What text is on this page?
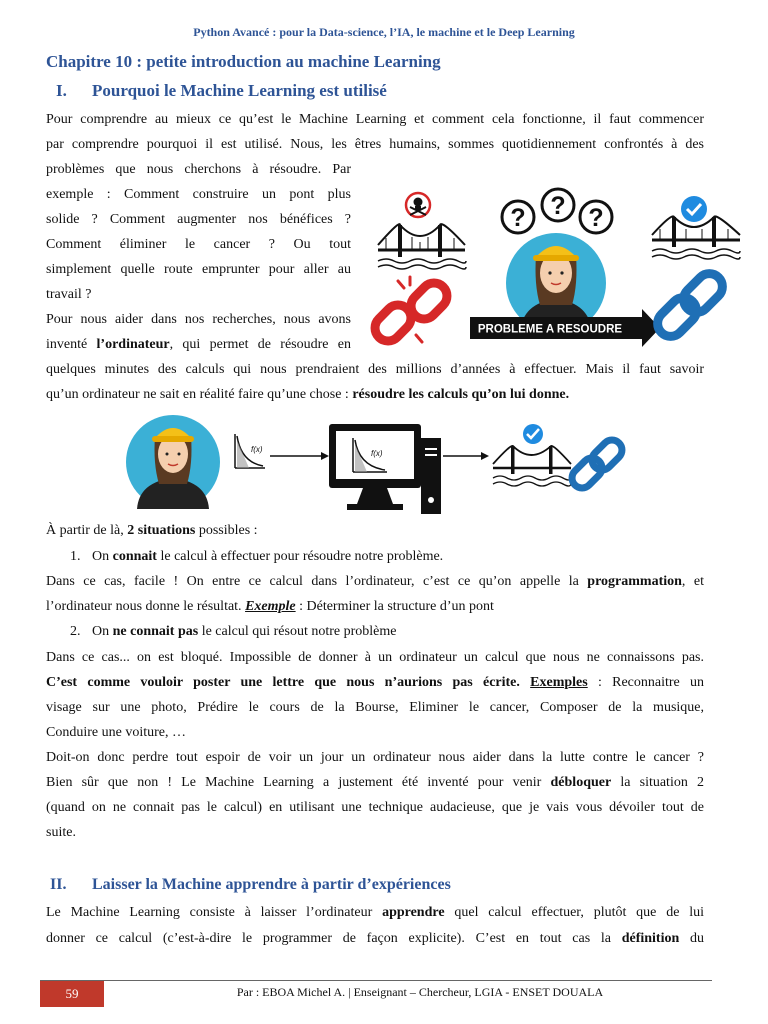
Python Avancé : pour la Data-science, l’IA, le machine et le Deep Learning
Chapitre 10 : petite introduction au machine Learning
I. Pourquoi le Machine Learning est utilisé
Pour comprendre au mieux ce qu’est le Machine Learning et comment cela fonctionne, il faut commencer
par comprendre pourquoi il est utilisé. Nous, les êtres humains, sommes quotidiennement confrontés à des
problèmes que nous cherchons à résoudre. Par
exemple : Comment construire un pont plus
solide ? Comment augmenter nos bénéfices ?
Comment éliminer le cancer ? Ou tout
simplement quelle route emprunter pour aller au
travail ?
Pour nous aider dans nos recherches, nous avons
inventé l’ordinateur, qui permet de résoudre en
quelques minutes des calculs qui nous prendraient des millions d’années à effectuer. Mais il faut savoir
qu’un ordinateur ne sait en réalité faire qu’une chose : résoudre les calculs qu’on lui donne.
? ? ?
PROBLEME A RESOUDRE
f(x)	f(x)
À partir de là, 2 situations possibles :
1. On connait le calcul à effectuer pour résoudre notre problème.
Dans ce cas, facile ! On entre ce calcul dans l’ordinateur, c’est ce qu’on appelle la programmation, et
l’ordinateur nous donne le résultat. Exemple : Déterminer la structure d’un pont
2. On ne connait pas le calcul qui résout notre problème
Dans ce cas... on est bloqué. Impossible de donner à un ordinateur un calcul que nous ne connaissons pas.
C’est comme vouloir poster une lettre que nous n’aurions pas écrite. Exemples : Reconnaitre un
visage sur une photo, Prédire le cours de la Bourse, Eliminer le cancer, Composer de la musique,
Conduire une voiture, …
Doit-on donc perdre tout espoir de voir un jour un ordinateur nous aider dans la lutte contre le cancer ?
Bien sûr que non ! Le Machine Learning a justement été inventé pour venir débloquer la situation 2
(quand on ne connait pas le calcul) en utilisant une technique audacieuse, que je vais vous dévoiler tout de
suite.
II. Laisser la Machine apprendre à partir d’expériences
Le Machine Learning consiste à laisser l’ordinateur apprendre quel calcul effectuer, plutôt que de lui
donner ce calcul (c’est-à-dire le programmer de façon explicite). C’est en tout cas la définition du
59	Par : EBOA Michel A. | Enseignant – Chercheur, LGIA - ENSET DOUALA
